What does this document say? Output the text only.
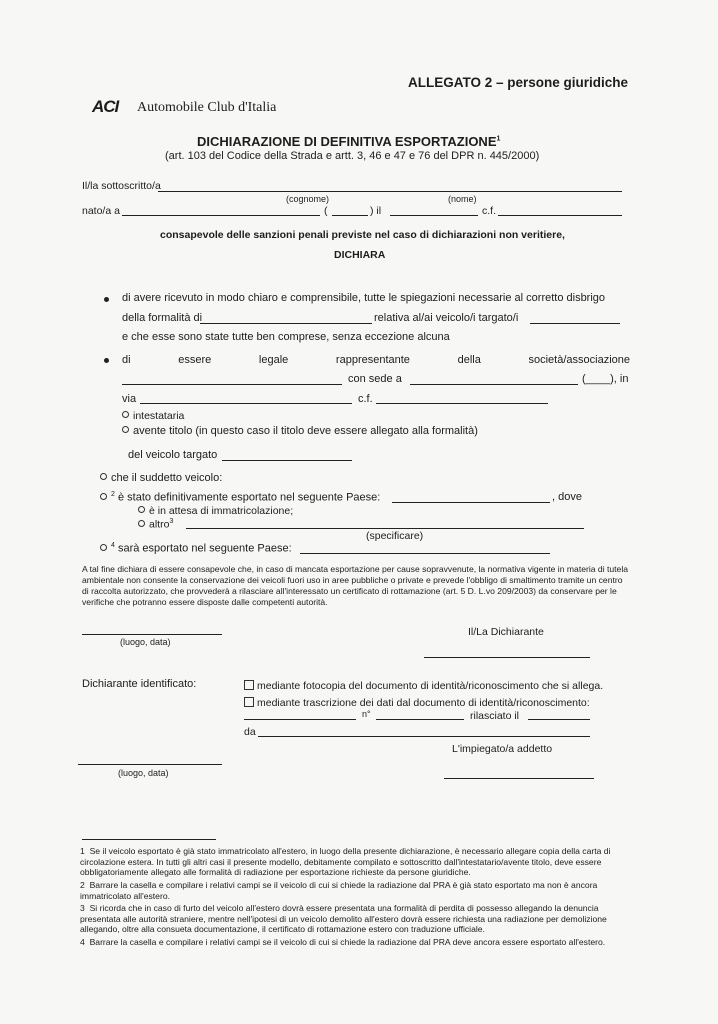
ALLEGATO 2 – persone giuridiche
ACI Automobile Club d'Italia
DICHIARAZIONE DI DEFINITIVA ESPORTAZIONE$^1$
(art. 103 del Codice della Strada e artt. 3, 46 e 47 e 76 del DPR n. 445/2000)
Il/la sottoscritto/a
(cognome)	(nome)
nato/a a	(	) il	c.f.
consapevole delle sanzioni penali previste nel caso di dichiarazioni non veritiere,
DICHIARA
di avere ricevuto in modo chiaro e comprensibile, tutte le spiegazioni necessarie al corretto disbrigo
della formalità di	relativa al/ai veicolo/i targato/i
e che esse sono state tutte ben comprese, senza eccezione alcuna
di	essere	legale	rappresentante	della	società/associazione
con sede a	(____), in
via	c.f.
intestataria
avente titolo (in questo caso il titolo deve essere allegato alla formalità)
del veicolo targato
che il suddetto veicolo:
$^2$ è stato definitivamente esportato nel seguente Paese:	, dove
è in attesa di immatricolazione;
altro$^3$
(specificare)
$^4$ sarà esportato nel seguente Paese:
A tal fine dichiara di essere consapevole che, in caso di mancata esportazione per cause sopravvenute, la normativa vigente in materia di tutela ambientale non consente la conservazione dei veicoli fuori uso in aree pubbliche o private e prevede l'obbligo di smaltimento tramite un centro di raccolta autorizzato, che provvederà a rilasciare all'interessato un certificato di rottamazione (art. 5 D. L.vo 209/2003) da conservare per le verifiche che potranno essere disposte dalle competenti autorità.
(luogo, data)
Il/La Dichiarante
Dichiarante identificato:	mediante fotocopia del documento di identità/riconoscimento che si allega.
mediante trascrizione dei dati dal documento di identità/riconoscimento:
n°	rilasciato il
da
L'impiegato/a addetto
(luogo, data)
1 Se il veicolo esportato è già stato immatricolato all'estero, in luogo della presente dichiarazione, è necessario allegare copia della carta di circolazione estera. In tutti gli altri casi il presente modello, debitamente compilato e sottoscritto dall'intestatario/avente titolo, deve essere obbligatoriamente allegato alle formalità di radiazione per esportazione richieste da persone giuridiche.
2 Barrare la casella e compilare i relativi campi se il veicolo di cui si chiede la radiazione dal PRA è già stato esportato ma non è ancora immatricolato all'estero.
3 Si ricorda che in caso di furto del veicolo all'estero dovrà essere presentata una formalità di perdita di possesso allegando la denuncia presentata alle autorità straniere, mentre nell'ipotesi di un veicolo demolito all'estero dovrà essere richiesta una radiazione per demolizione allegando, oltre alla consueta documentazione, il certificato di rottamazione estero con traduzione ufficiale.
4 Barrare la casella e compilare i relativi campi se il veicolo di cui si chiede la radiazione dal PRA deve ancora essere esportato all'estero.
